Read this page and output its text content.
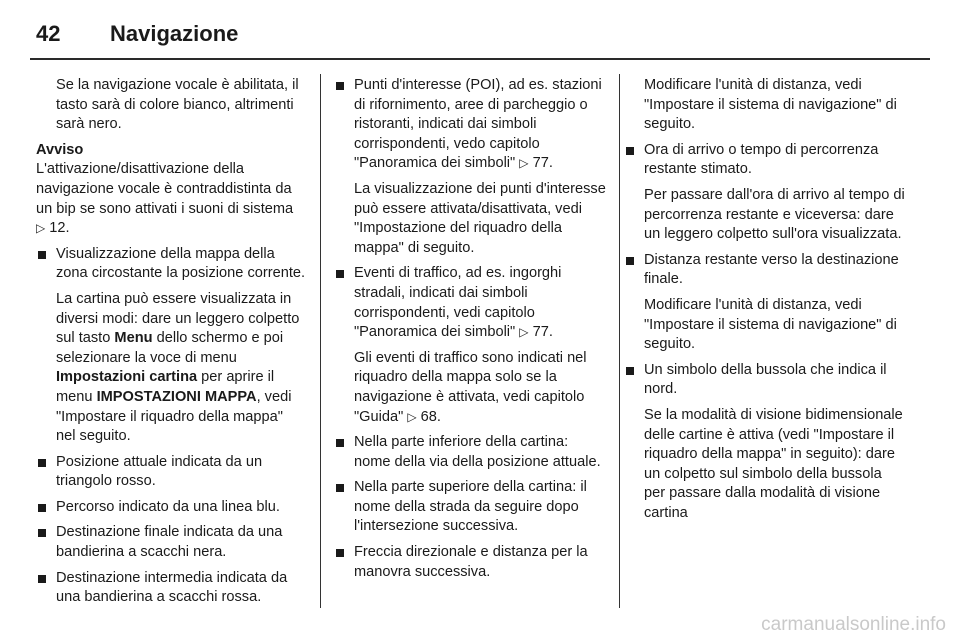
42	Navigazione

Se la navigazione vocale è abilitata, il tasto sarà di colore bianco, altrimenti sarà nero.

Avviso

L'attivazione/disattivazione della navigazione vocale è contraddistinta da un bip se sono attivati i suoni di sistema ▷ 12.

Visualizzazione della mappa della zona circostante la posizione corrente.

La cartina può essere visualizzata in diversi modi: dare un leggero colpetto sul tasto Menu dello schermo e poi selezionare la voce di menu Impostazioni cartina per aprire il menu IMPOSTAZIONI MAPPA, vedi "Impostare il riquadro della mappa" nel seguito.

Posizione attuale indicata da un triangolo rosso.
Percorso indicato da una linea blu.
Destinazione finale indicata da una bandierina a scacchi nera.
Destinazione intermedia indicata da una bandierina a scacchi rossa.
Punti d'interesse (POI), ad es. stazioni di rifornimento, aree di parcheggio o ristoranti, indicati dai simboli corrispondenti, vedo capitolo "Panoramica dei simboli" ▷ 77.

La visualizzazione dei punti d'interesse può essere attivata/disattivata, vedi "Impostazione del riquadro della mappa" di seguito.

Eventi di traffico, ad es. ingorghi stradali, indicati dai simboli corrispondenti, vedi capitolo "Panoramica dei simboli" ▷ 77.

Gli eventi di traffico sono indicati nel riquadro della mappa solo se la navigazione è attivata, vedi capitolo "Guida" ▷ 68.

Nella parte inferiore della cartina: nome della via della posizione attuale.
Nella parte superiore della cartina: il nome della strada da seguire dopo l'intersezione successiva.
Freccia direzionale e distanza per la manovra successiva.

Modificare l'unità di distanza, vedi "Impostare il sistema di navigazione" di seguito.

Ora di arrivo o tempo di percorrenza restante stimato.

Per passare dall'ora di arrivo al tempo di percorrenza restante e viceversa: dare un leggero colpetto sull'ora visualizzata.

Distanza restante verso la destinazione finale.

Modificare l'unità di distanza, vedi "Impostare il sistema di navigazione" di seguito.

Un simbolo della bussola che indica il nord.

Se la modalità di visione bidimensionale delle cartine è attiva (vedi "Impostare il riquadro della mappa" in seguito): dare un colpetto sul simbolo della bussola per passare dalla modalità di visione cartina

carmanualsonline.info
